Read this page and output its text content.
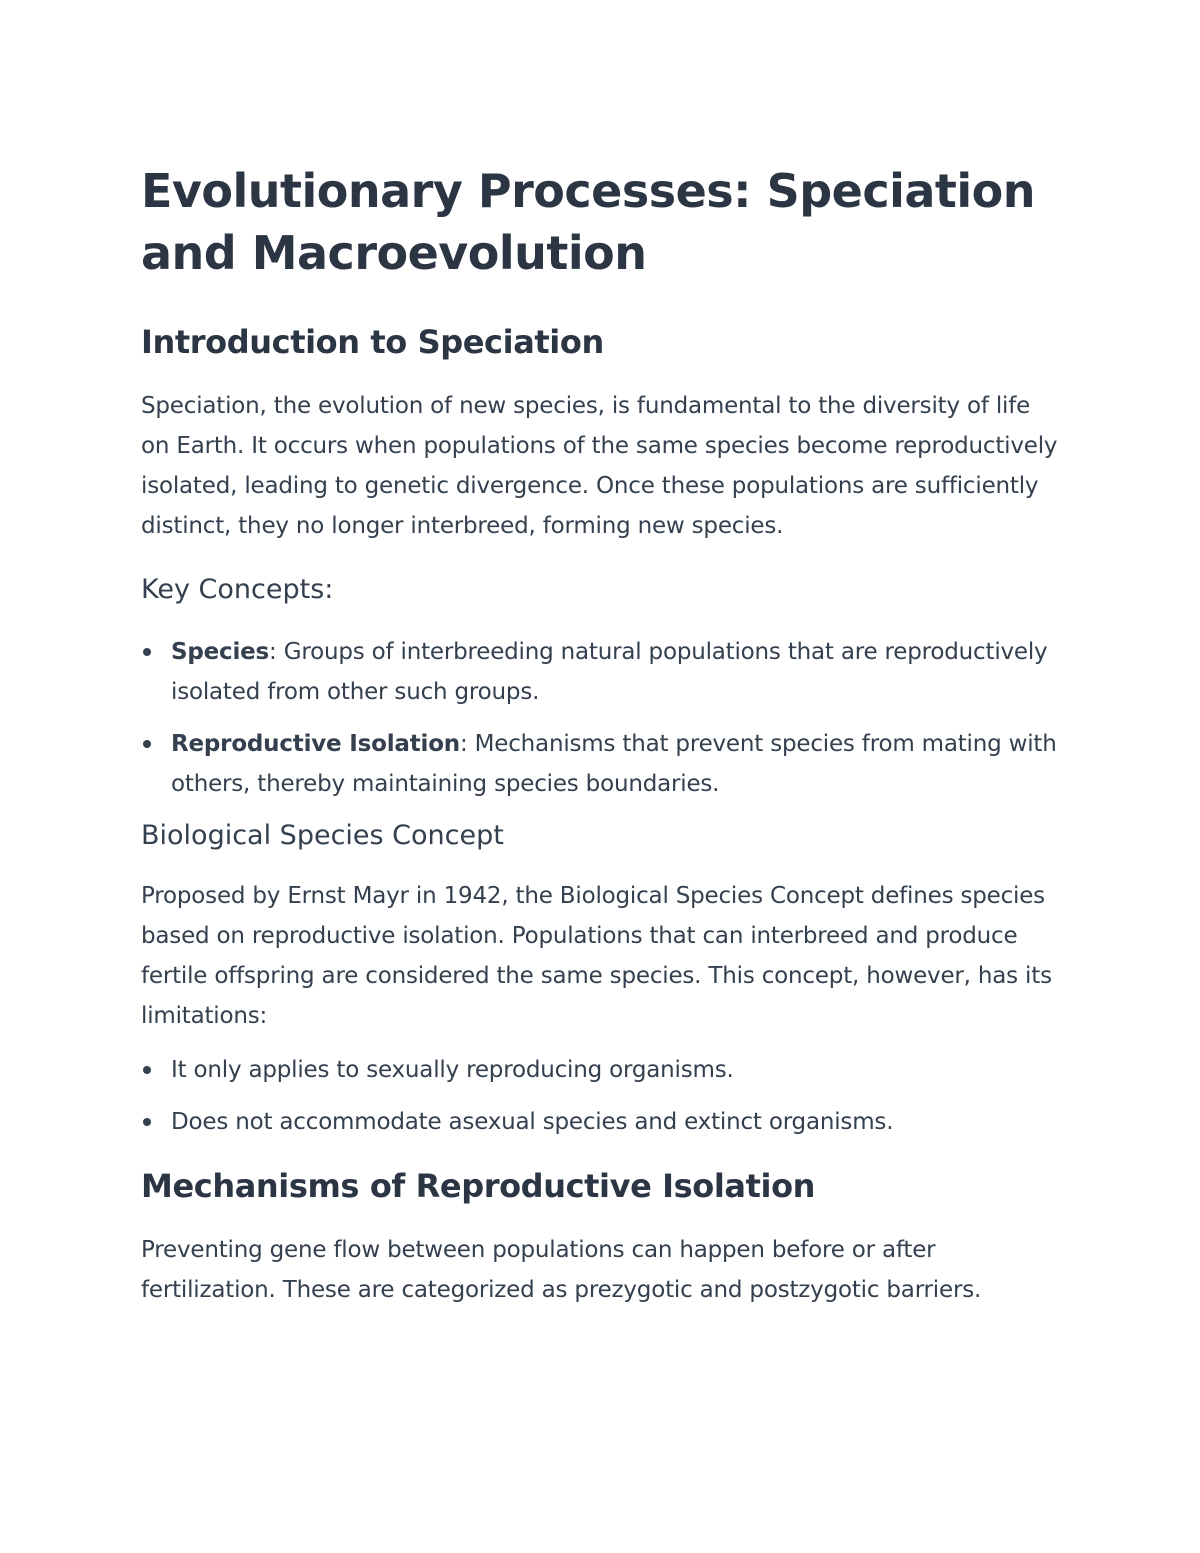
Evolutionary Processes: Speciation and Macroevolution
Introduction to Speciation

Speciation, the evolution of new species, is fundamental to the diversity of life on Earth. It occurs when populations of the same species become reproductively isolated, leading to genetic divergence. Once these populations are sufficiently distinct, they no longer interbreed, forming new species.

Key Concepts:
Species: Groups of interbreeding natural populations that are reproductively isolated from other such groups.
Reproductive Isolation: Mechanisms that prevent species from mating with others, thereby maintaining species boundaries.
Biological Species Concept

Proposed by Ernst Mayr in 1942, the Biological Species Concept defines species based on reproductive isolation. Populations that can interbreed and produce fertile offspring are considered the same species. This concept, however, has its limitations:

It only applies to sexually reproducing organisms.
Does not accommodate asexual species and extinct organisms.
Mechanisms of Reproductive Isolation

Preventing gene flow between populations can happen before or after fertilization. These are categorized as prezygotic and postzygotic barriers.
